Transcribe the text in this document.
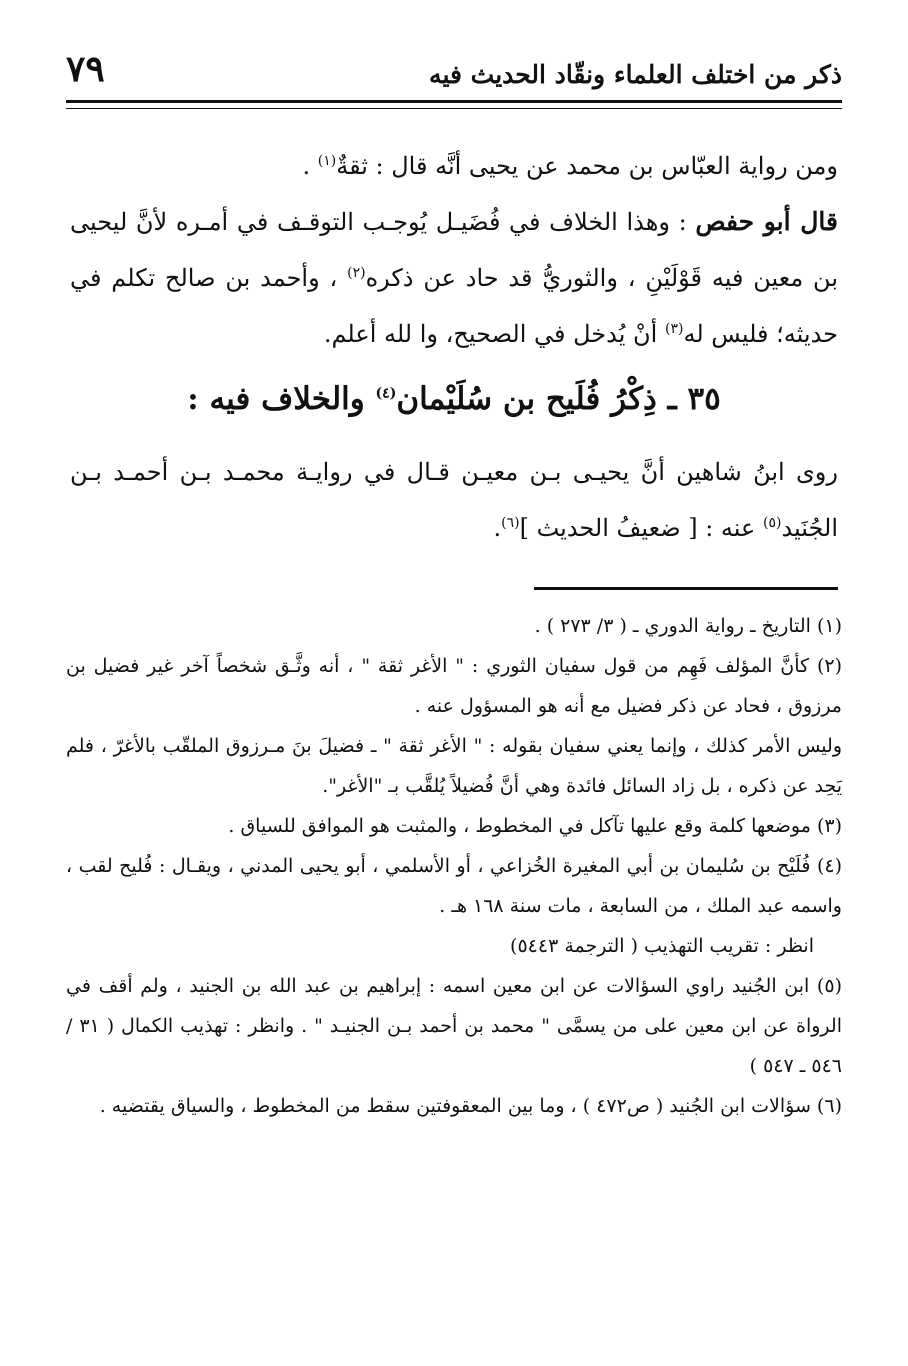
ذكر من اختلف العلماء ونقّاد الحديث فيه
٧٩

ومن رواية العبّاس بن محمد عن يحيى أنَّه قال : ثقةٌ$^{(١)}$ .

قال أبو حفص : وهذا الخلاف في فُضَيـل يُوجـب التوقـف في أمـره لأنَّ ليحيى بن معين فيه قَوْلَيْنِ ، والثوريُّ قد حاد عن ذكره$^{(٢)}$ ، وأحمد بن صالح تكلم في حديثه؛ فليس له$^{(٣)}$ أنْ يُدخل في الصحيح، وا لله أعلم.

٣٥ ـ ذِكْرُ فُلَيح بن سُلَيْمان$^{(٤)}$ والخلاف فيه :

روى ابنُ شاهين أنَّ يحيـى بـن معيـن قـال في روايـة محمـد بـن أحمـد بـن الجُنَيد$^{(٥)}$ عنه : [ ضعيفُ الحديث ]$^{(٦)}$.

(١) التاريخ ـ رواية الدوري ـ ( ٣/ ٢٧٣ ) .

(٢) كأنَّ المؤلف فَهِم من قول سفيان الثوري : " الأغر ثقة " ، أنه وثَّـق شخصاً آخر غير فضيل بن مرزوق ، فحاد عن ذكر فضيل مع أنه هو المسؤول عنه .

وليس الأمر كذلك ، وإنما يعني سفيان بقوله : " الأغر ثقة " ـ فضيلَ بنَ مـرزوق الملقّب بالأغرّ ، فلم يَحِد عن ذكره ، بل زاد السائل فائدة وهي أنَّ فُضيلاً يُلقَّب بـ "الأغر".

(٣) موضعها كلمة وقع عليها تآكل في المخطوط ، والمثبت هو الموافق للسياق .

(٤) فُلَيْح بن سُليمان بن أبي المغيرة الخُزاعي ، أو الأسلمي ، أبو يحيى المدني ، ويقـال : فُليح لقب ، واسمه عبد الملك ، من السابعة ، مات سنة ١٦٨ هـ .

انظر : تقريب التهذيب ( الترجمة ٥٤٤٣)

(٥) ابن الجُنيد راوي السؤالات عن ابن معين اسمه : إبراهيم بن عبد الله بن الجنيد ، ولم أقف في الرواة عن ابن معين على من يسمَّى " محمد بن أحمد بـن الجنيـد " . وانظر : تهذيب الكمال ( ٣١ / ٥٤٦ ـ ٥٤٧ )

(٦) سؤالات ابن الجُنيد ( ص٤٧٢ ) ، وما بين المعقوفتين سقط من المخطوط ، والسياق يقتضيه .
